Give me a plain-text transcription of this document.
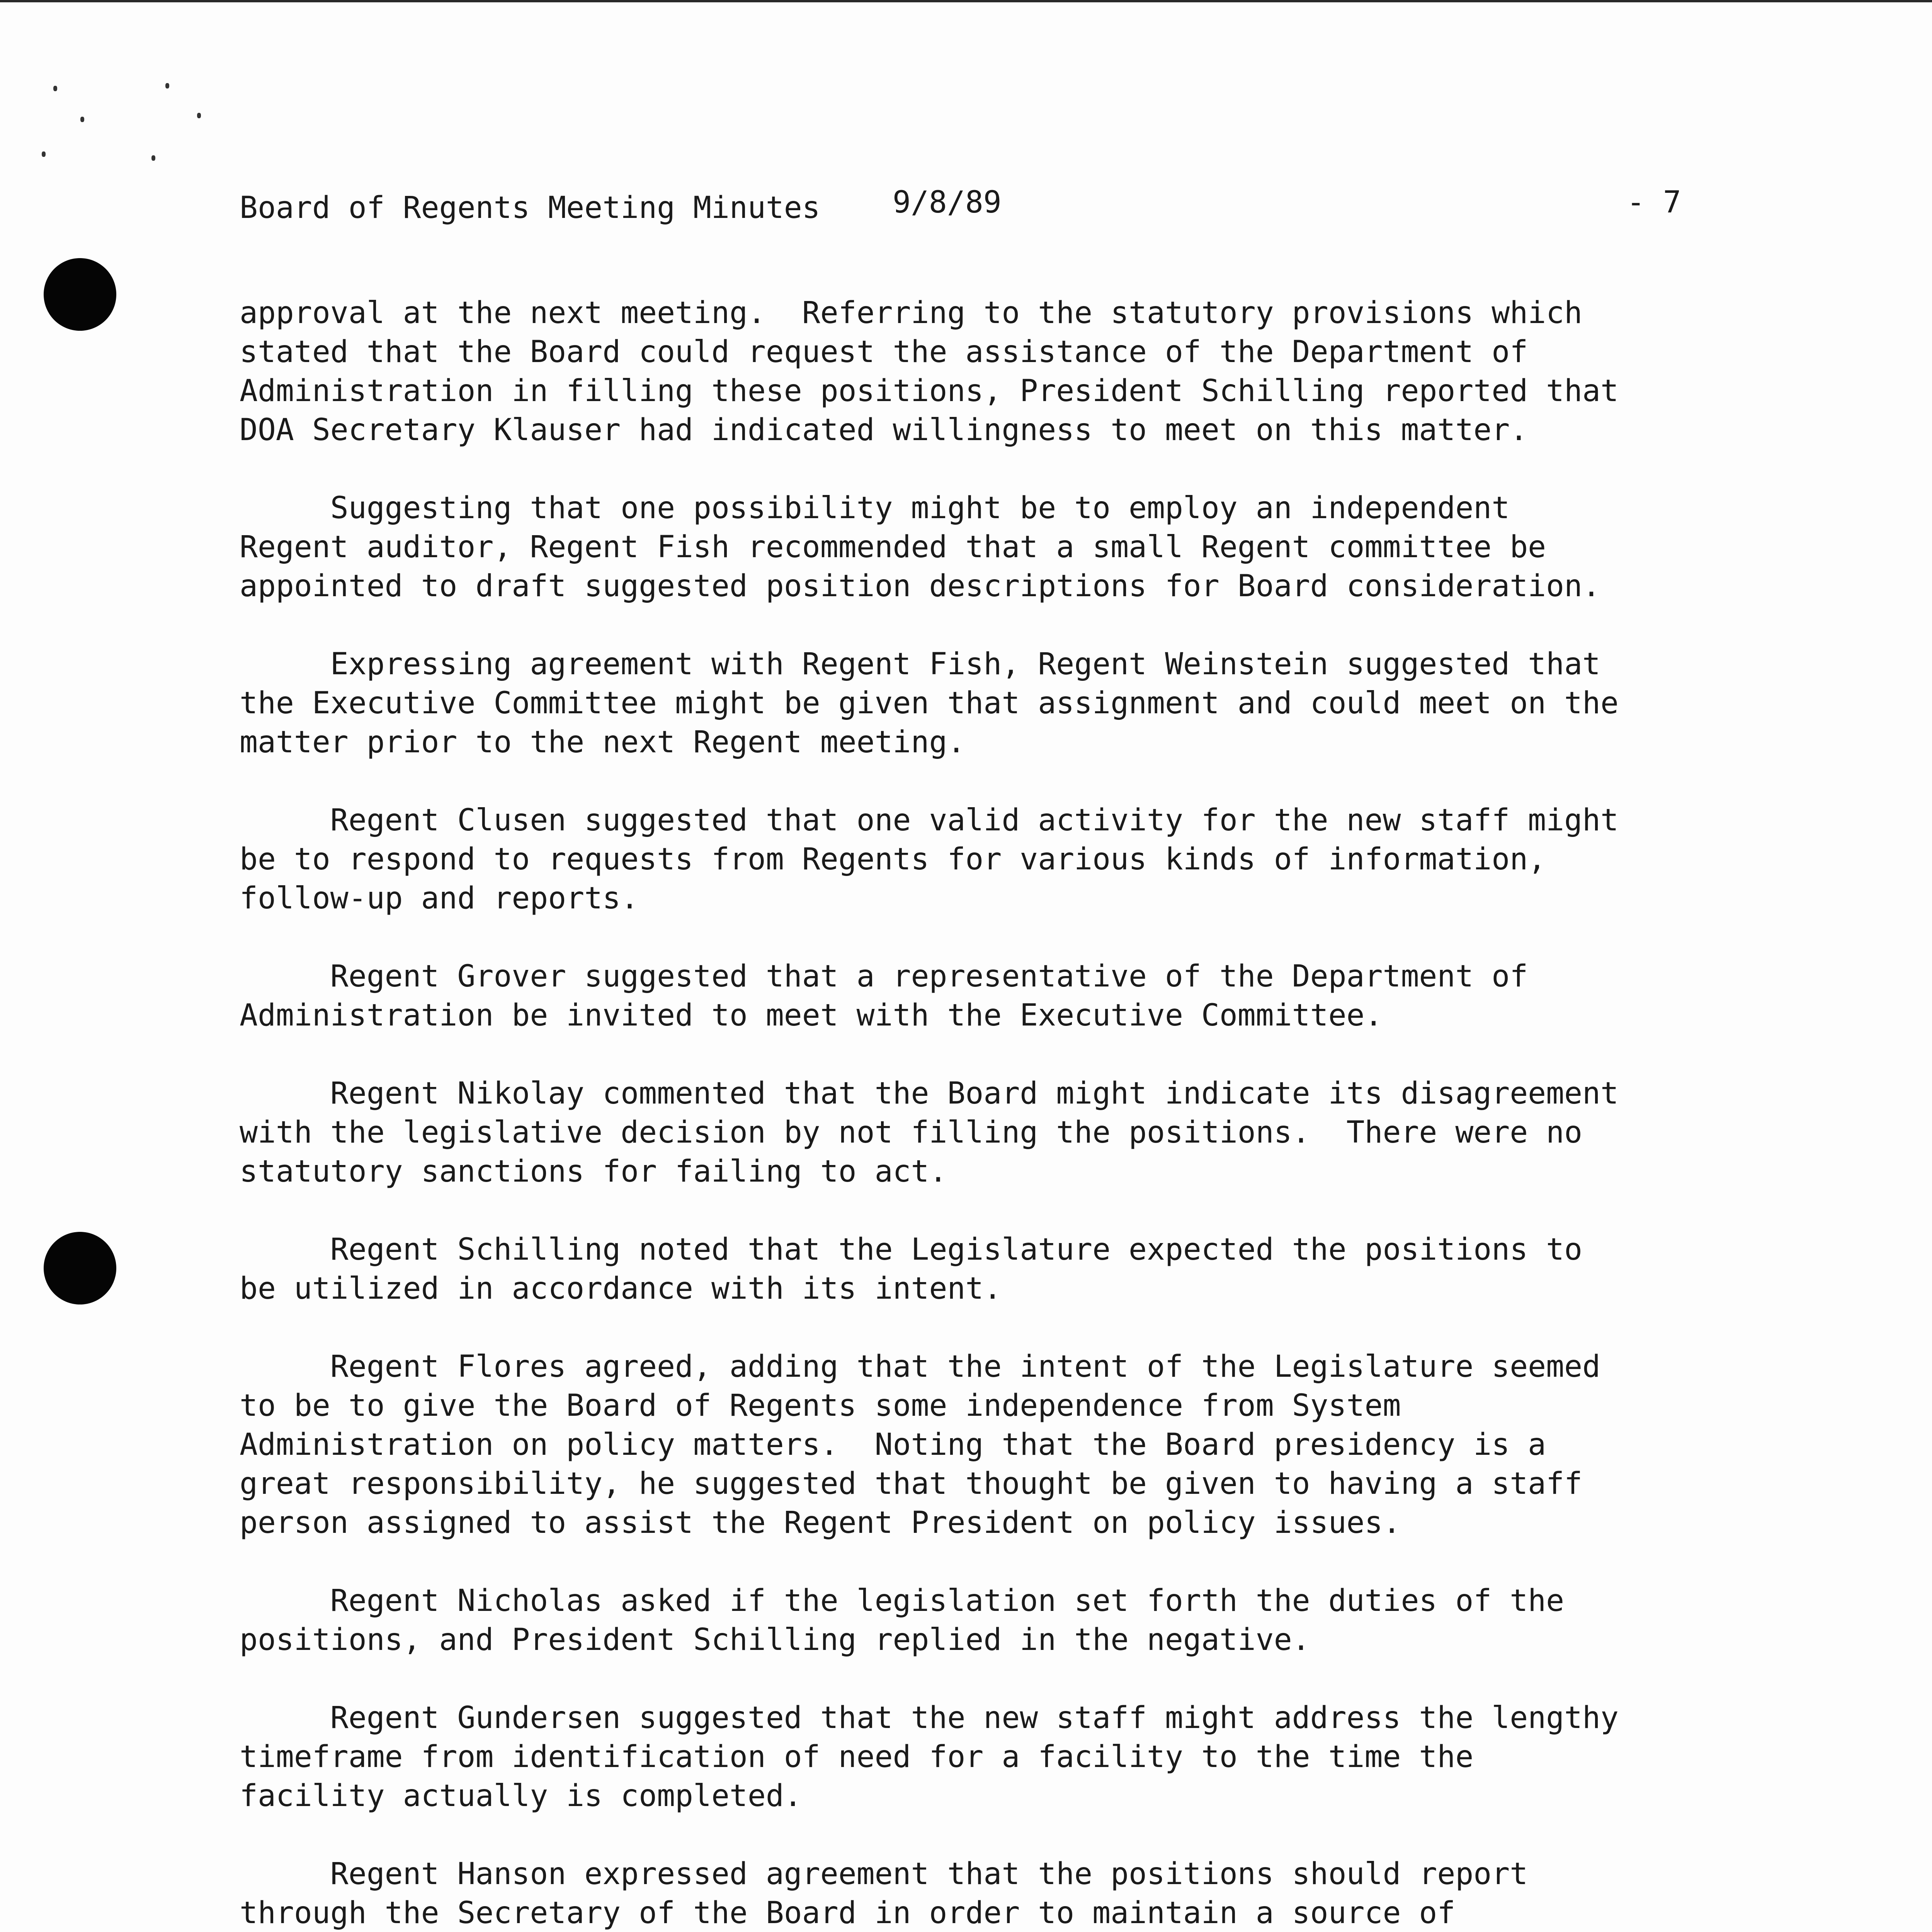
Board of Regents Meeting Minutes

9/8/89

	- 7

approval at the next meeting.  Referring to the statutory provisions which
stated that the Board could request the assistance of the Department of
Administration in filling these positions, President Schilling reported that
DOA Secretary Klauser had indicated willingness to meet on this matter.

Suggesting that one possibility might be to employ an independent
Regent auditor, Regent Fish recommended that a small Regent committee be
appointed to draft suggested position descriptions for Board consideration.

Expressing agreement with Regent Fish, Regent Weinstein suggested that
the Executive Committee might be given that assignment and could meet on the
matter prior to the next Regent meeting.

Regent Clusen suggested that one valid activity for the new staff might
be to respond to requests from Regents for various kinds of information,
follow-up and reports.

Regent Grover suggested that a representative of the Department of
Administration be invited to meet with the Executive Committee.

Regent Nikolay commented that the Board might indicate its disagreement
with the legislative decision by not filling the positions.  There were no
statutory sanctions for failing to act.

Regent Schilling noted that the Legislature expected the positions to
be utilized in accordance with its intent.

Regent Flores agreed, adding that the intent of the Legislature seemed
to be to give the Board of Regents some independence from System
Administration on policy matters.  Noting that the Board presidency is a
great responsibility, he suggested that thought be given to having a staff
person assigned to assist the Regent President on policy issues.

Regent Nicholas asked if the legislation set forth the duties of the
positions, and President Schilling replied in the negative.

Regent Gundersen suggested that the new staff might address the lengthy
timeframe from identification of need for a facility to the time the
facility actually is completed.

Regent Hanson expressed agreement that the positions should report
through the Secretary of the Board in order to maintain a source of
